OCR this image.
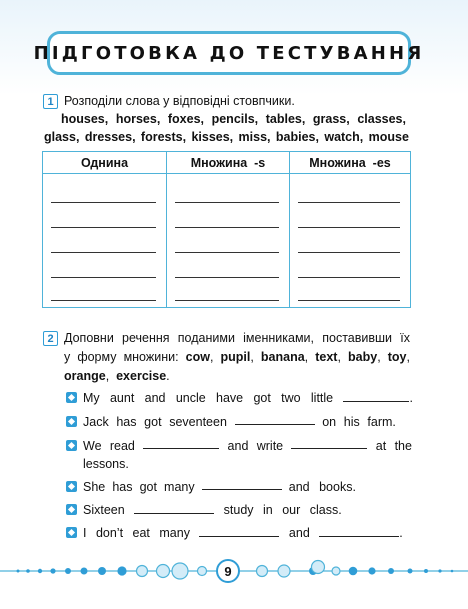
ПІДГОТОВКА ДО ТЕСТУВАННЯ
1 Розподіли слова у відповідні стовпчики.
houses, horses, foxes, pencils, tables, grass, classes,
glass, dresses, forests, kisses, miss, babies, watch, mouse
Однина	Множина  -s	Множина  -es
2 Доповни речення поданими іменниками, поставивши їх
у форму множини: cow, pupil, banana, text, baby, toy,
orange,  exercise.
My aunt and uncle have got two little	.
Jack has got seventeen	on his farm.
We read	and write	at the
lessons.
She has got many	and books.
Sixteen	study in our class.
I don’t eat many	and	.
9
